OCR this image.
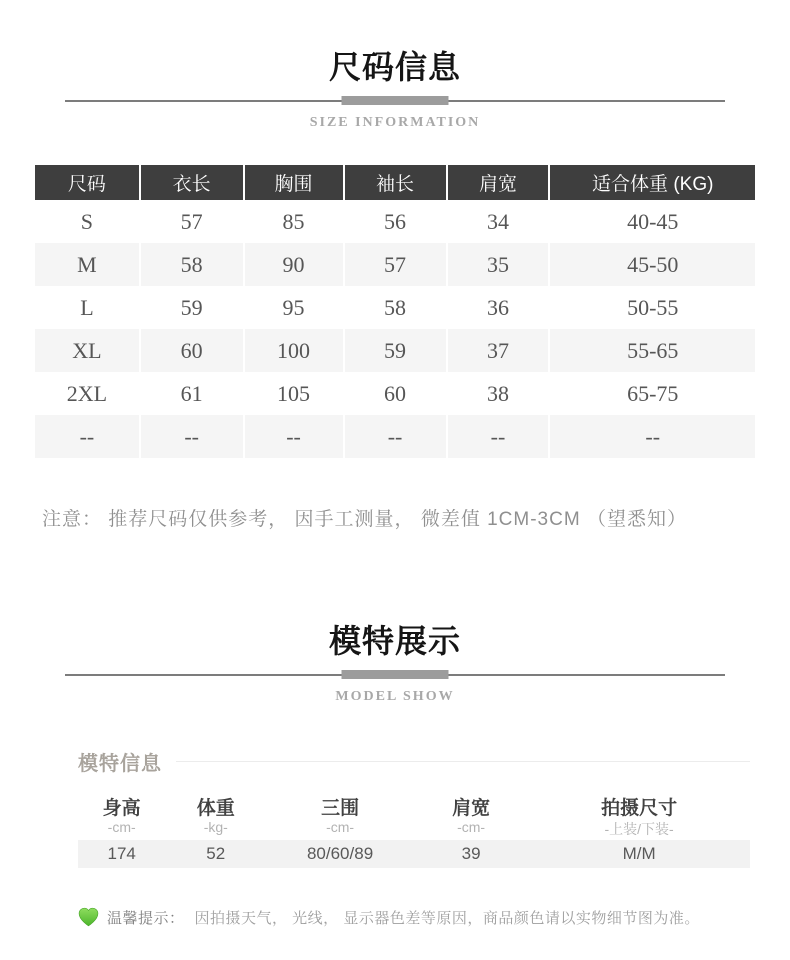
尺码信息
SIZE INFORMATION
尺码	衣长	胸围	袖长	肩宽	适合体重 (KG)
S	57	85	56	34	40-45
M	58	90	57	35	45-50
L	59	95	58	36	50-55
XL	60	100	59	37	55-65
2XL	61	105	60	38	65-75
--	--	--	--	--	--

注意： 推荐尺码仅供参考， 因手工测量， 微差值 1CM-3CM （望悉知）

模特展示
MODEL SHOW
模特信息
身高	体重	三围	肩宽	拍摄尺寸
-cm-	-kg-	-cm-	-cm-	-上装/下装-
174	52	80/60/89	39	M/M
温馨提示： 因拍摄天气， 光线， 显示器色差等原因，商品颜色请以实物细节图为准。
